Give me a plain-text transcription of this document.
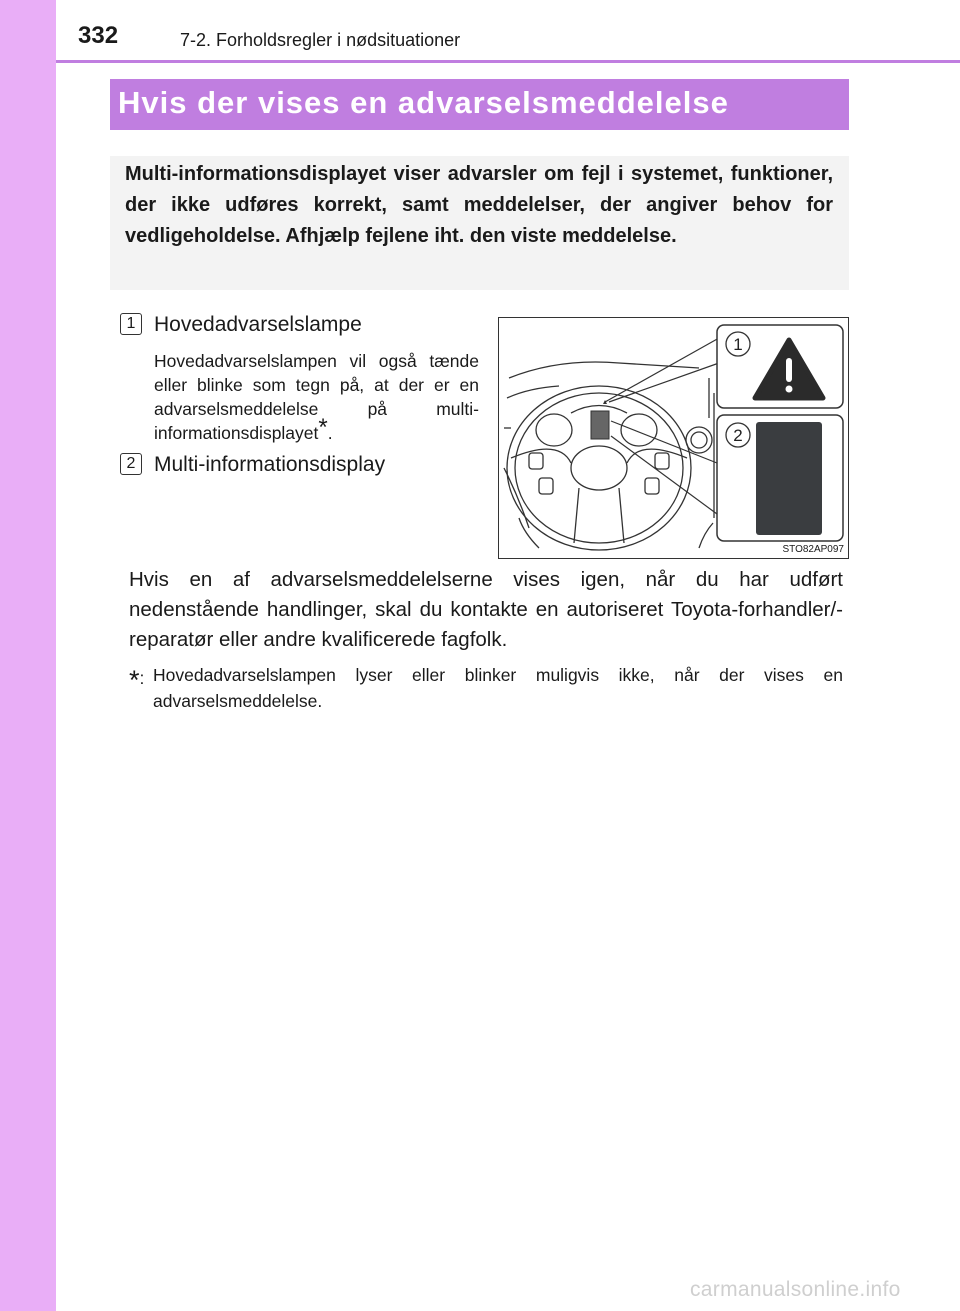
332	7-2. Forholdsregler i nødsituationer
Hvis der vises en advarselsmeddelelse
Multi-informationsdisplayet viser advarsler om fejl i systemet, funktioner, der ikke udføres korrekt, samt meddelelser, der angiver behov for vedligeholdelse. Afhjælp fejlene iht. den viste meddelelse.
1 Hovedadvarselslampe
Hovedadvarselslampen vil også tænde eller blinke som tegn på, at der er en advarselsmeddelelse på multi-informationsdisplayet*.
2 Multi-informationsdisplay
1
2
STO82AP097
Hvis en af advarselsmeddelelserne vises igen, når du har udført nedenstående handlinger, skal du kontakte en autoriseret Toyota-forhandler/-reparatør eller andre kvalificerede fagfolk.
*: Hovedadvarselslampen lyser eller blinker muligvis ikke, når der vises en advarselsmeddelelse.
carmanualsonline.info
